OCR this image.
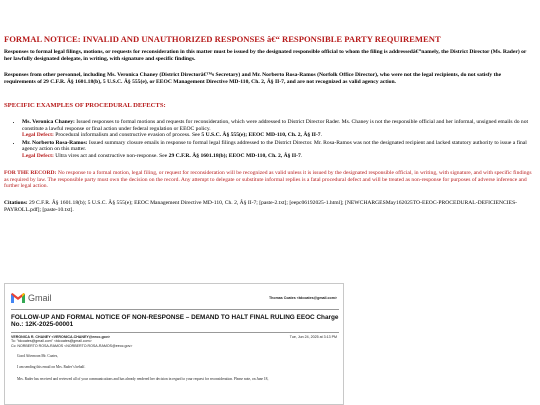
FORMAL NOTICE: INVALID AND UNAUTHORIZED RESPONSES â€“ RESPONSIBLE PARTY REQUIREMENT
Responses to formal legal filings, motions, or requests for reconsideration in this matter must be issued by the designated responsible official to whom the filing is addressedâ€”namely, the District Director (Ms. Rader) or her lawfully designated delegate, in writing, with signature and specific findings.
Responses from other personnel, including Ms. Veronica Chaney (District Directorâ€™s Secretary) and Mr. Norberto Rosa-Ramos (Norfolk Office Director), who were not the legal recipients, do not satisfy the requirements of 29 C.F.R. Â§ 1601.18(b), 5 U.S.C. Â§ 555(e), or EEOC Management Directive MD-110, Ch. 2, Â§ II-7, and are not recognized as valid agency action.
SPECIFIC EXAMPLES OF PROCEDURAL DEFECTS:
• Ms. Veronica Chaney: Issued responses to formal motions and requests for reconsideration, which were addressed to District Director Rader. Ms. Chaney is not the responsible official and her informal, unsigned emails do not constitute a lawful response or final action under federal regulation or EEOC policy.
Legal Defect: Procedural informalism and constructive evasion of process. See 5 U.S.C. Â§ 555(e); EEOC MD-110, Ch. 2, Â§ II-7.
• Mr. Norberto Rosa-Ramos: Issued summary closure emails in response to formal legal filings addressed to the District Director. Mr. Rosa-Ramos was not the designated recipient and lacked statutory authority to issue a final agency action on this matter.
Legal Defect: Ultra vires act and constructive non-response. See 29 C.F.R. Â§ 1601.18(b); EEOC MD-110, Ch. 2, Â§ II-7.
FOR THE RECORD: No response to a formal motion, legal filing, or request for reconsideration will be recognized as valid unless it is issued by the designated responsible official, in writing, with signature, and with specific findings as required by law. The responsible party must own the decision on the record. Any attempt to delegate or substitute informal replies is a fatal procedural defect and will be treated as non-response for purposes of adverse inference and further legal action.
Citations: 29 C.F.R. Â§ 1601.18(b); 5 U.S.C. Â§ 555(e); EEOC Management Directive MD-110, Ch. 2, Â§ II-7; [paste-2.txt]; [eepc06192025-1.html]; [NEWCHARGESMay162025TO-EEOC-PROCEDURAL-DEFICIENCIES-PAYROLL.pdf]; [paste-10.txt].
Gmail	Thomas Coates <tdcoates@gmail.com>
FOLLOW-UP AND FORMAL NOTICE OF NON-RESPONSE – DEMAND TO HALT FINAL RULING EEOC Charge No.: 12K-2025-00001
VERONICA R. CHANEY <VERONICA.CHANEY@eeoc.gov>
To: "tdcoates@gmail.com" <tdcoates@gmail.com>
Cc: NORBERTO ROSA-RAMOS <NORBERTO.ROSA-RAMOS@eeoc.gov>
Tue, Jun 24, 2025 at 3:13 PM
Good Afternoon Mr. Coates,
I am sending this email on Mrs. Rader’s behalf.
Mrs. Rader has received and reviewed all of your communications and has already rendered her decision in regard to your request for reconsideration. Please note, on June 18,
